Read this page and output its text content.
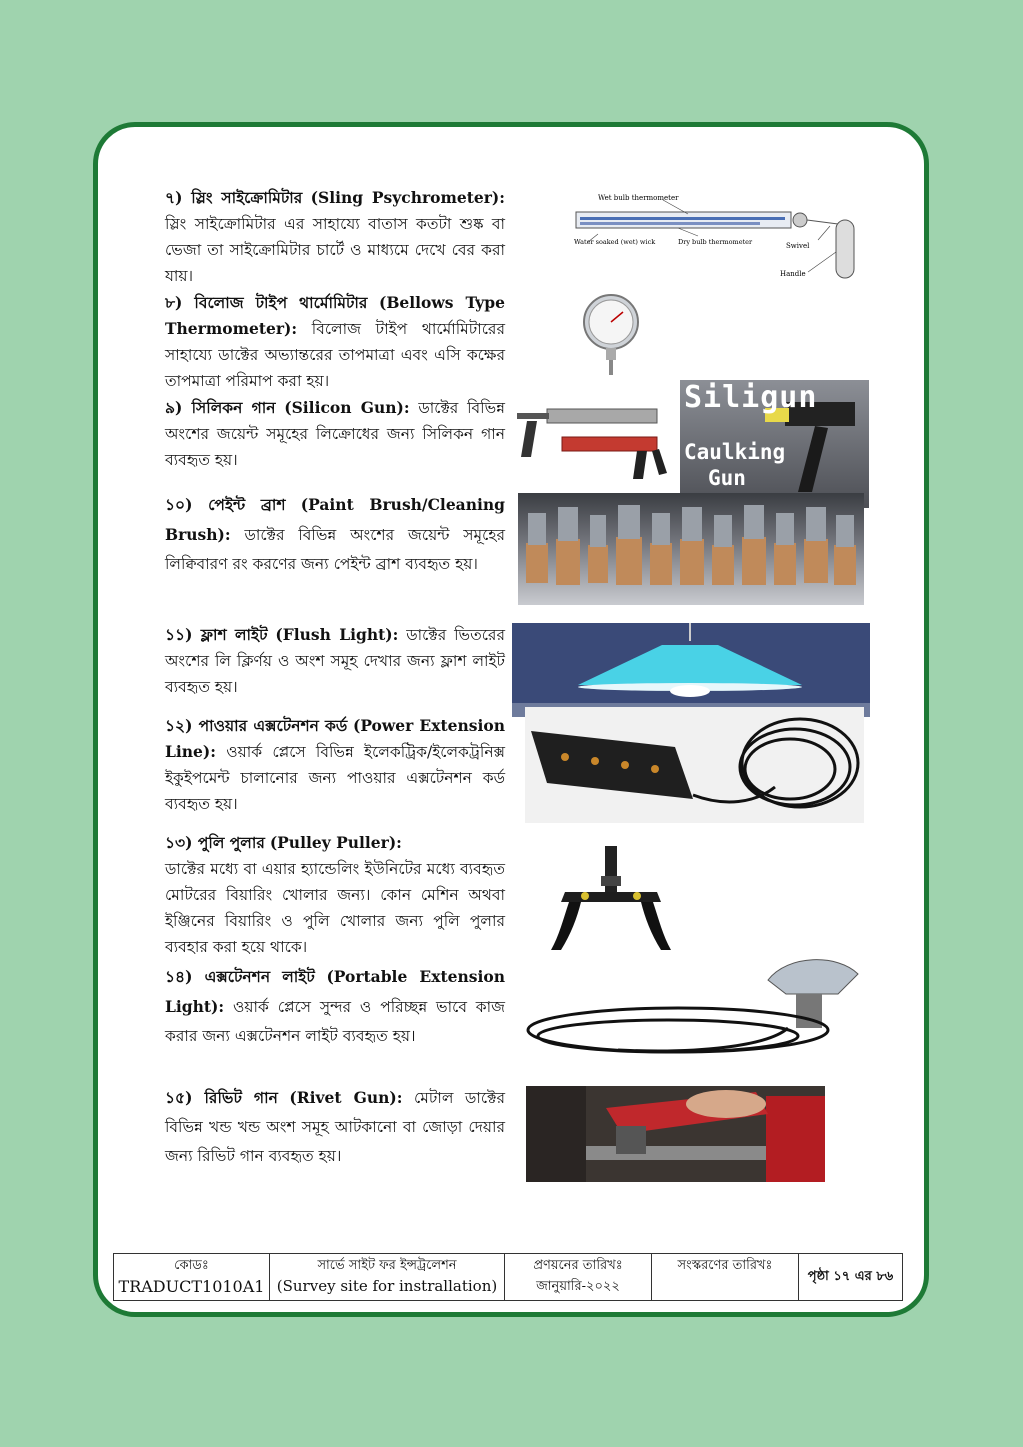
৭) স্লিং সাইক্রোমিটার (Sling Psychrometer): স্লিং সাইক্রোমিটার এর সাহায্যে বাতাস কতটা শুষ্ক বা ভেজা তা সাইক্রোমিটার চার্টে ও মাধ্যমে দেখে বের করা যায়।
৮) বিলোজ টাইপ থার্মোমিটার (Bellows Type Thermometer): বিলোজ টাইপ থার্মোমিটারের সাহায্যে ডাক্টের অভ্যান্তরের তাপমাত্রা এবং এসি কক্ষের তাপমাত্রা পরিমাপ করা হয়।
৯) সিলিকন গান (Silicon Gun): ডাক্টের বিভিন্ন অংশের জয়েন্ট সমূহের লিক্রোধের জন্য সিলিকন গান ব্যবহৃত হয়।
১০) পেইন্ট ব্রাশ (Paint Brush/Cleaning Brush): ডাক্টের বিভিন্ন অংশের জয়েন্ট সমূহের লিক্বিবারণ রং করণের জন্য পেইন্ট ব্রাশ ব্যবহৃত হয়।
১১) ফ্লাশ লাইট (Flush Light): ডাক্টের ভিতরের অংশের লি ক্লির্ণয় ও অংশ সমূহ দেখার জন্য ফ্লাশ লাইট ব্যবহৃত হয়।
১২) পাওয়ার এক্সটেনশন কর্ড (Power Extension Line): ওয়ার্ক প্লেসে বিভিন্ন ইলেকট্রিক/ইলেকট্রনিক্স ইকুইপমেন্ট চালানোর জন্য পাওয়ার এক্সটেনশন কর্ড ব্যবহৃত হয়।
১৩) পুলি পুলার (Pulley Puller):
ডাক্টের মধ্যে বা এয়ার হ্যান্ডেলিং ইউনিটের মধ্যে ব্যবহৃত মোটরের বিয়ারিং খোলার জন্য। কোন মেশিন অথবা ইঞ্জিনের বিয়ারিং ও পুলি খোলার জন্য পুলি পুলার ব্যবহার করা হয়ে থাকে।
১৪) এক্সটেনশন লাইট (Portable Extension Light): ওয়ার্ক প্লেসে সুন্দর ও পরিচ্ছন্ন ভাবে কাজ করার জন্য এক্সটেনশন লাইট ব্যবহৃত হয়।
১৫) রিভিট গান (Rivet Gun): মেটাল ডাক্টের বিভিন্ন খন্ড খন্ড অংশ সমূহ আটকানো বা জোড়া দেয়ার জন্য রিভিট গান ব্যবহৃত হয়।
Wet bulb thermometer
Water soaked (wet) wick	Dry bulb thermometer	Swivel
Handle
Siligun
Caulking
Gun
কোডঃ
TRADUCT1010A1

সার্ভে সাইট ফর ইন্সট্রলেশন
(Survey site for instrallation)

প্রণয়নের তারিখঃ
জানুয়ারি-২০২২

সংস্করণের তারিখঃ
	পৃষ্ঠা ১৭ এর ৮৬
